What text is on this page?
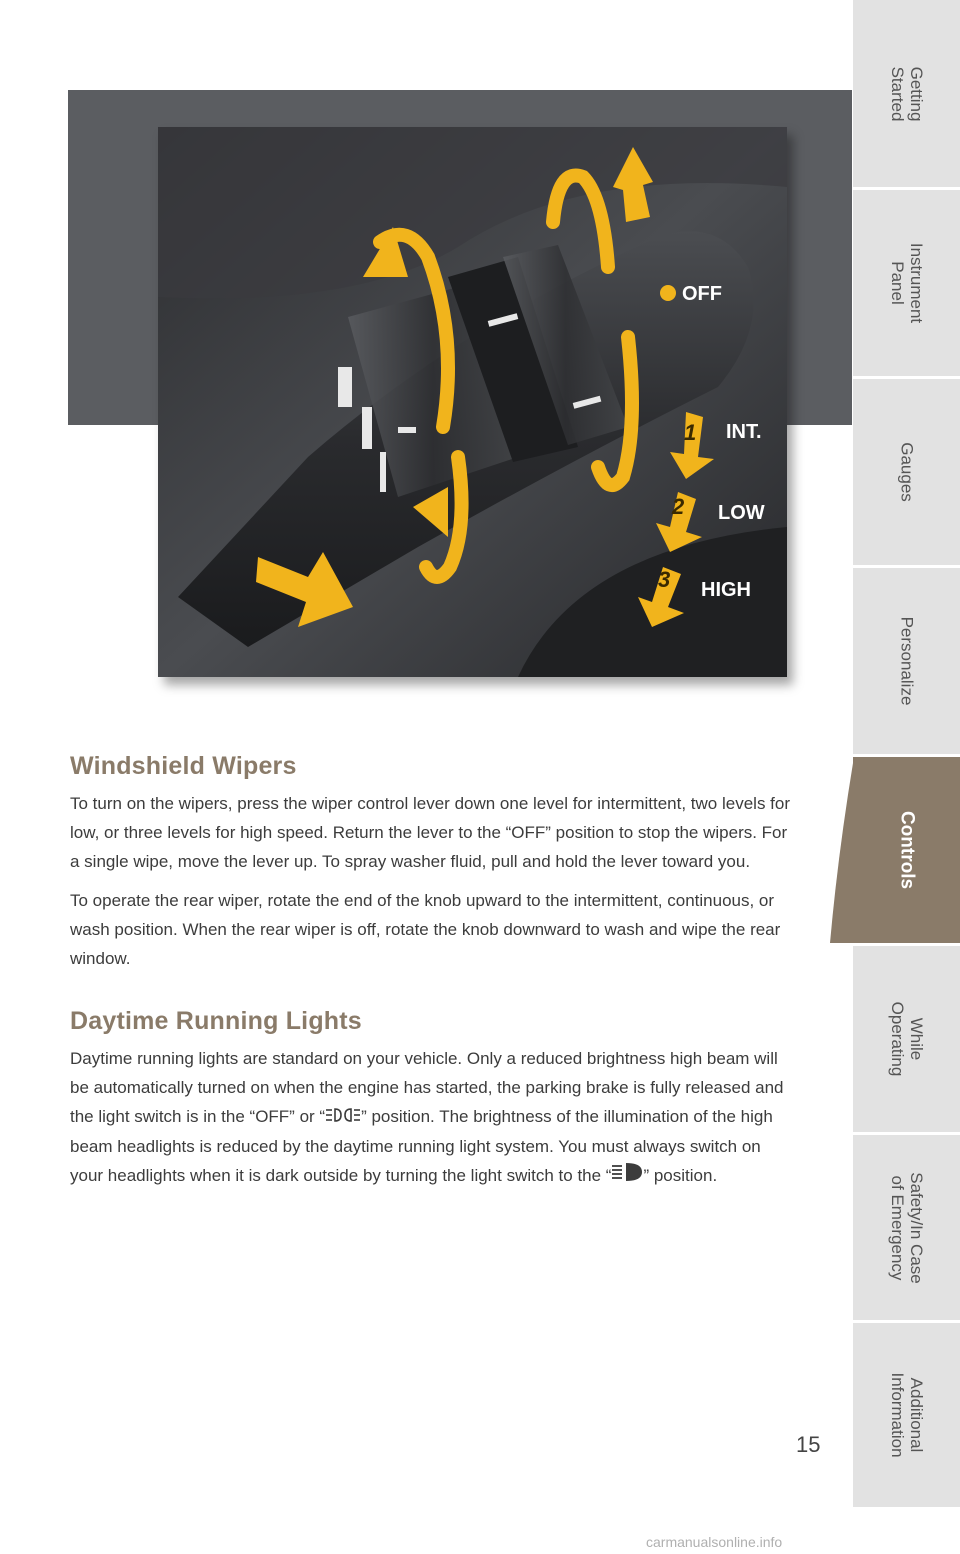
OFF
INT.
LOW
HIGH
1
2
3
Windshield Wipers

To turn on the wipers, press the wiper control lever down one level for intermittent, two levels for low, or three levels for high speed. Return the lever to the “OFF” position to stop the wipers. For a single wipe, move the lever up. To spray washer fluid, pull and hold the lever toward you.

To operate the rear wiper, rotate the end of the knob upward to the intermittent, continuous, or wash position. When the rear wiper is off, rotate the knob downward to wash and wipe the rear window.

Daytime Running Lights

Daytime running lights are standard on your vehicle. Only a reduced brightness high beam will be automatically turned on when the engine has started, the parking brake is fully released and the light switch is in the “OFF” or “ ” position. The brightness of the illumination of the high beam headlights is reduced by the daytime running light system. You must always switch on your headlights when it is dark outside by turning the light switch to the “ ” position.

Getting
Started
Instrument
Panel
Gauges
Personalize
Controls
While
Operating
Safety/In Case
of Emergency
Additional
Information
15
carmanualsonline.info
